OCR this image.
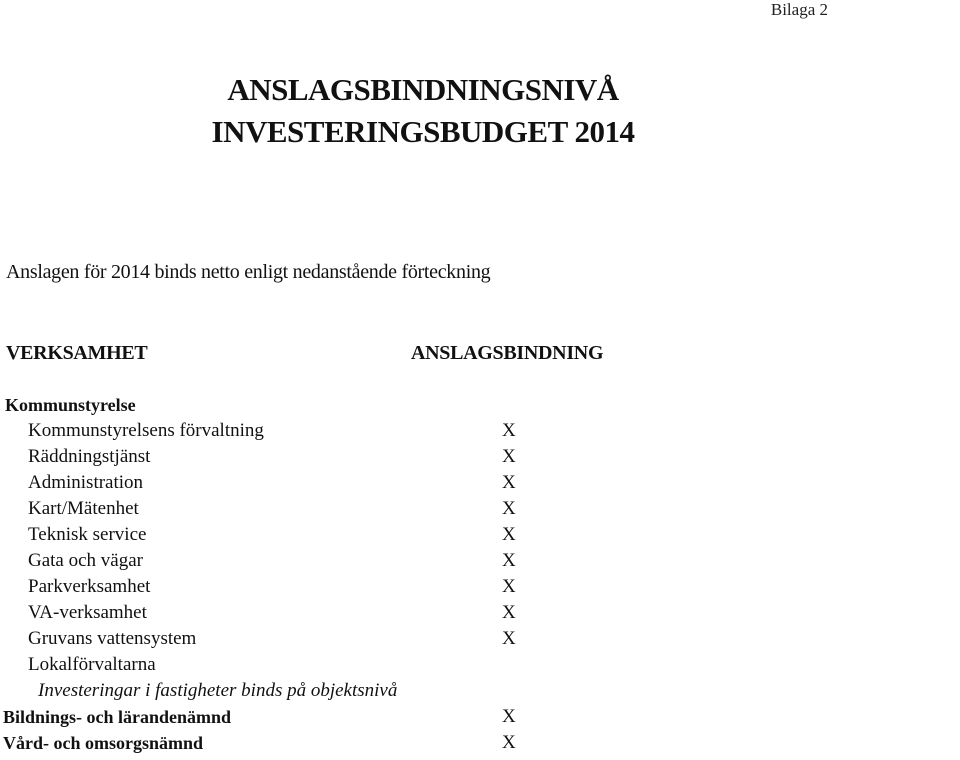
Bilaga 2
ANSLAGSBINDNINGSNIVÅ
INVESTERINGSBUDGET 2014
Anslagen för 2014 binds netto enligt nedanstående förteckning
VERKSAMHET	ANSLAGSBINDNING
Kommunstyrelse
Kommunstyrelsens förvaltning	X
Räddningstjänst	X
Administration	X
Kart/Mätenhet	X
Teknisk service	X
Gata och vägar	X
Parkverksamhet	X
VA-verksamhet	X
Gruvans vattensystem	X
Lokalförvaltarna
Investeringar i fastigheter binds på objektsnivå
Bildnings- och lärandenämnd	X
Vård- och omsorgsnämnd	X
